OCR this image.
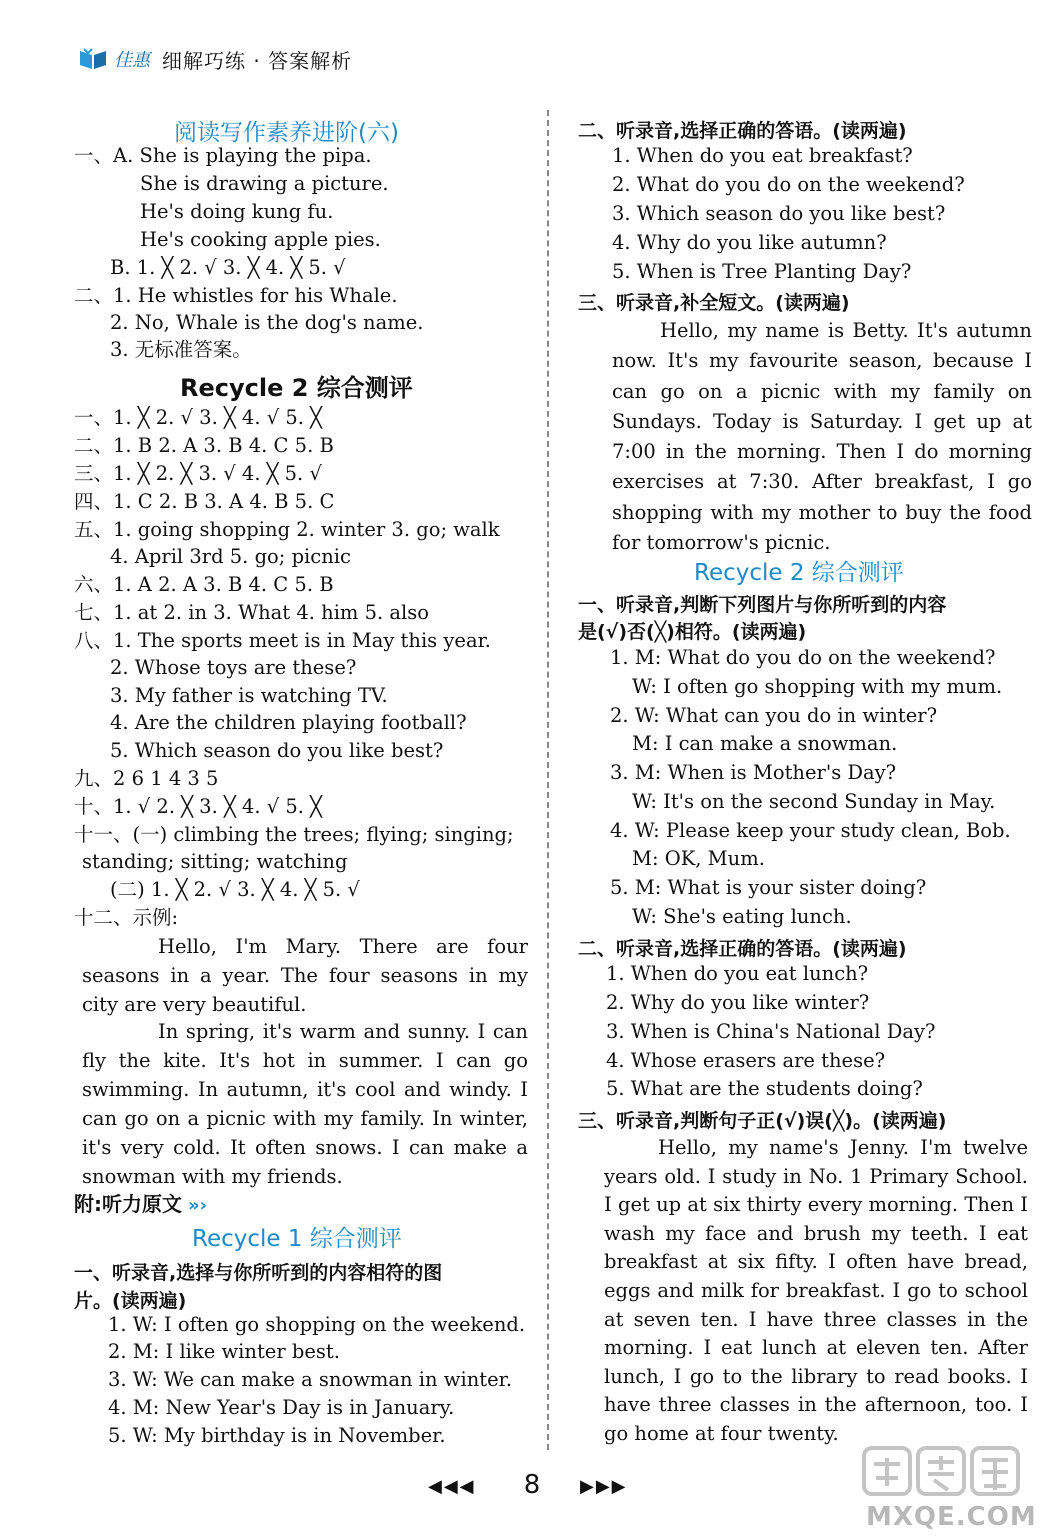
佳惠 细解巧练 · 答案解析
阅读写作素养进阶(六)
一、A. She is playing the pipa.
She is drawing a picture.
He's doing kung fu.
He's cooking apple pies.
B. 1. ╳ 2. √ 3. ╳ 4. ╳ 5. √
二、1. He whistles for his Whale.
2. No, Whale is the dog's name.
3. 无标准答案。
Recycle 2 综合测评
一、1. ╳ 2. √ 3. ╳ 4. √ 5. ╳
二、1. B 2. A 3. B 4. C 5. B
三、1. ╳ 2. ╳ 3. √ 4. ╳ 5. √
四、1. C 2. B 3. A 4. B 5. C
五、1. going shopping 2. winter 3. go; walk
4. April 3rd 5. go; picnic
六、1. A 2. A 3. B 4. C 5. B
七、1. at 2. in 3. What 4. him 5. also
八、1. The sports meet is in May this year.
2. Whose toys are these?
3. My father is watching TV.
4. Are the children playing football?
5. Which season do you like best?
九、2 6 1 4 3 5
十、1. √ 2. ╳ 3. ╳ 4. √ 5. ╳
十一、(一) climbing the trees; flying; singing;
standing; sitting; watching
(二) 1. ╳ 2. √ 3. ╳ 4. ╳ 5. √
十二、示例:
Hello, I'm Mary. There are four seasons in a year. The four seasons in my city are very beautiful.
In spring, it's warm and sunny. I can fly the kite. It's hot in summer. I can go swimming. In autumn, it's cool and windy. I can go on a picnic with my family. In winter, it's very cold. It often snows. I can make a snowman with my friends.
附:听力原文 »›
Recycle 1 综合测评
一、听录音,选择与你所听到的内容相符的图
片。(读两遍)
1. W: I often go shopping on the weekend.
2. M: I like winter best.
3. W: We can make a snowman in winter.
4. M: New Year's Day is in January.
5. W: My birthday is in November.
二、听录音,选择正确的答语。(读两遍)
1. When do you eat breakfast?
2. What do you do on the weekend?
3. Which season do you like best?
4. Why do you like autumn?
5. When is Tree Planting Day?
三、听录音,补全短文。(读两遍)
Hello, my name is Betty. It's autumn now. It's my favourite season, because I can go on a picnic with my family on Sundays. Today is Saturday. I get up at 7:00 in the morning. Then I do morning exercises at 7:30. After breakfast, I go shopping with my mother to buy the food for tomorrow's picnic.
Recycle 2 综合测评
一、听录音,判断下列图片与你所听到的内容
是(√)否(╳)相符。(读两遍)
1. M: What do you do on the weekend?
W: I often go shopping with my mum.
2. W: What can you do in winter?
M: I can make a snowman.
3. M: When is Mother's Day?
W: It's on the second Sunday in May.
4. W: Please keep your study clean, Bob.
M: OK, Mum.
5. M: What is your sister doing?
W: She's eating lunch.
二、听录音,选择正确的答语。(读两遍)
1. When do you eat lunch?
2. Why do you like winter?
3. When is China's National Day?
4. Whose erasers are these?
5. What are the students doing?
三、听录音,判断句子正(√)误(╳)。(读两遍)
Hello, my name's Jenny. I'm twelve years old. I study in No. 1 Primary School. I get up at six thirty every morning. Then I wash my face and brush my teeth. I eat breakfast at six fifty. I often have bread, eggs and milk for breakfast. I go to school at seven ten. I have three classes in the morning. I eat lunch at eleven ten. After lunch, I go to the library to read books. I have three classes in the afternoon, too. I go home at four twenty.
◀◀◀ 8 ▶▶▶
MXQE.COM
